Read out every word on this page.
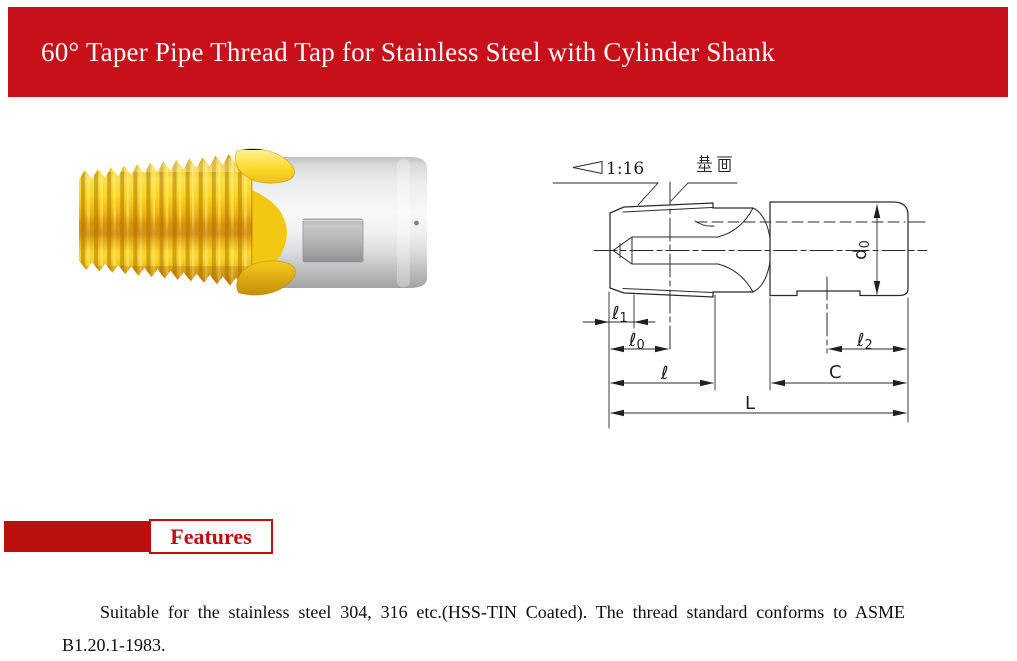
60° Taper Pipe Thread Tap for Stainless Steel with Cylinder Shank
1:16	基面
ℓ1
ℓ0
ℓ
ℓ2
C
L
d0
Features

Suitable for the stainless steel 304, 316 etc.(HSS-TIN Coated). The thread standard conforms to ASME B1.20.1-1983.
